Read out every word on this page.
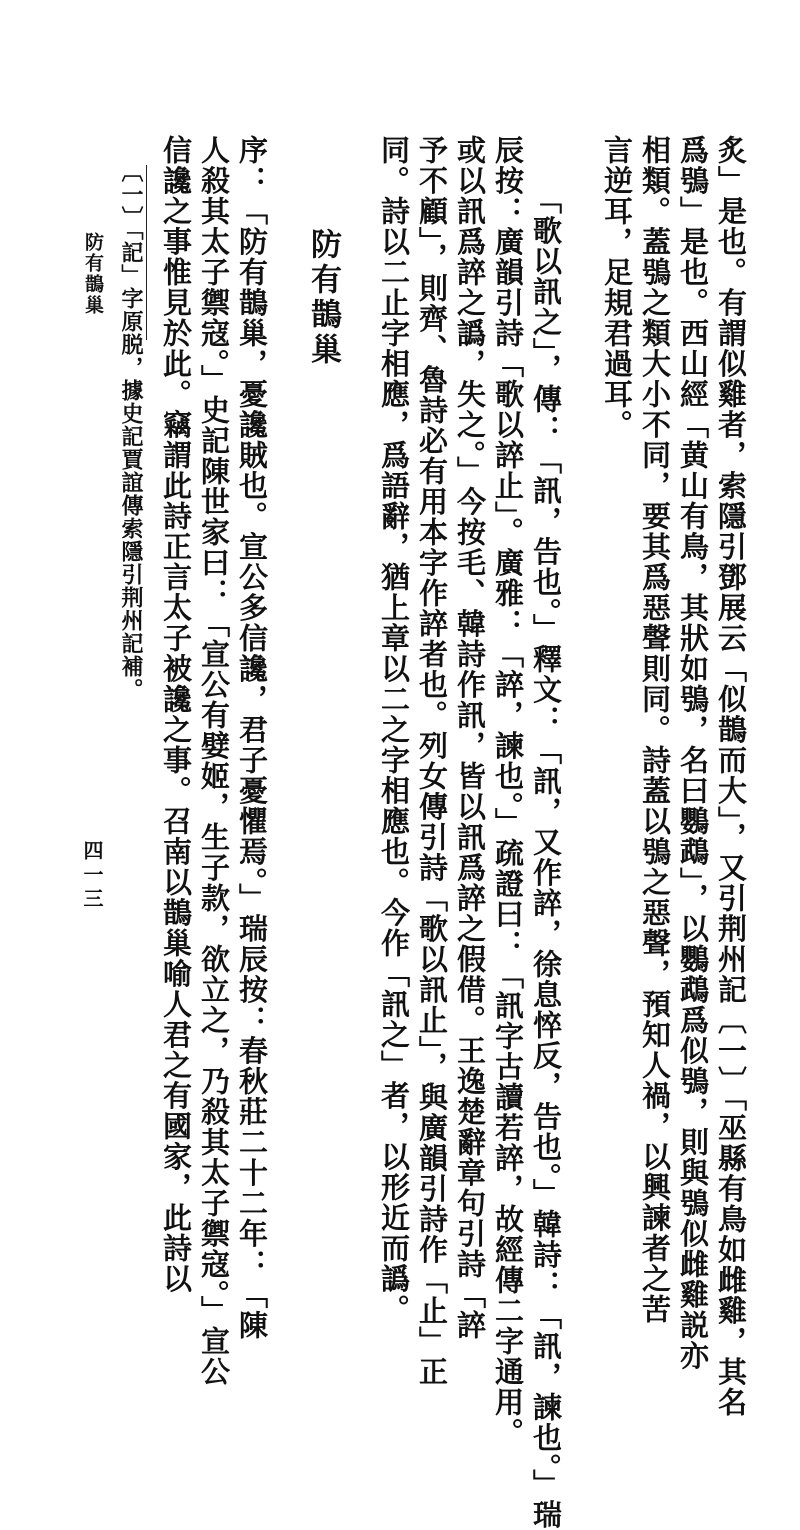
炙」是也。有謂似雞者，索隱引鄧展云「似鵲而大」，又引荆州記〔一〕「巫縣有鳥如雌雞，其名
爲鴞」是也。西山經「黄山有鳥，其狀如鴞，名曰鸚鵡」，以鸚鵡爲似鴞，則與鴞似雌雞説亦
相類。蓋鴞之類大小不同，要其爲惡聲則同。詩蓋以鴞之惡聲，預知人禍，以興諫者之苦
言逆耳，足規君過耳。
「歌以訊之」，傳：「訊，告也。」釋文：「訊，又作誶，徐息悴反，告也。」韓詩：「訊，諫也。」瑞
辰按：廣韻引詩「歌以誶止」。廣雅：「誶，諫也。」疏證曰：「訊字古讀若誶，故經傳二字通用。
或以訊爲誶之譌，失之。」今按毛、韓詩作訊，皆以訊爲誶之假借。王逸楚辭章句引詩「誶
予不顧」，則齊、魯詩必有用本字作誶者也。列女傳引詩「歌以訊止」，與廣韻引詩作「止」正
同。詩以二止字相應，爲語辭，猶上章以二之字相應也。今作「訊之」者，以形近而譌。
防有鵲巢
序：「防有鵲巢，憂讒賊也。宣公多信讒，君子憂懼焉。」瑞辰按：春秋莊二十二年：「陳
人殺其太子禦寇。」史記陳世家曰：「宣公有嬖姬，生子款，欲立之，乃殺其太子禦寇。」宣公
信讒之事惟見於此。竊謂此詩正言太子被讒之事。召南以鵲巢喻人君之有國家，此詩以
〔一〕「記」字原脱，據史記賈誼傳索隱引荆州記補。
防有鵲巢
四一三
